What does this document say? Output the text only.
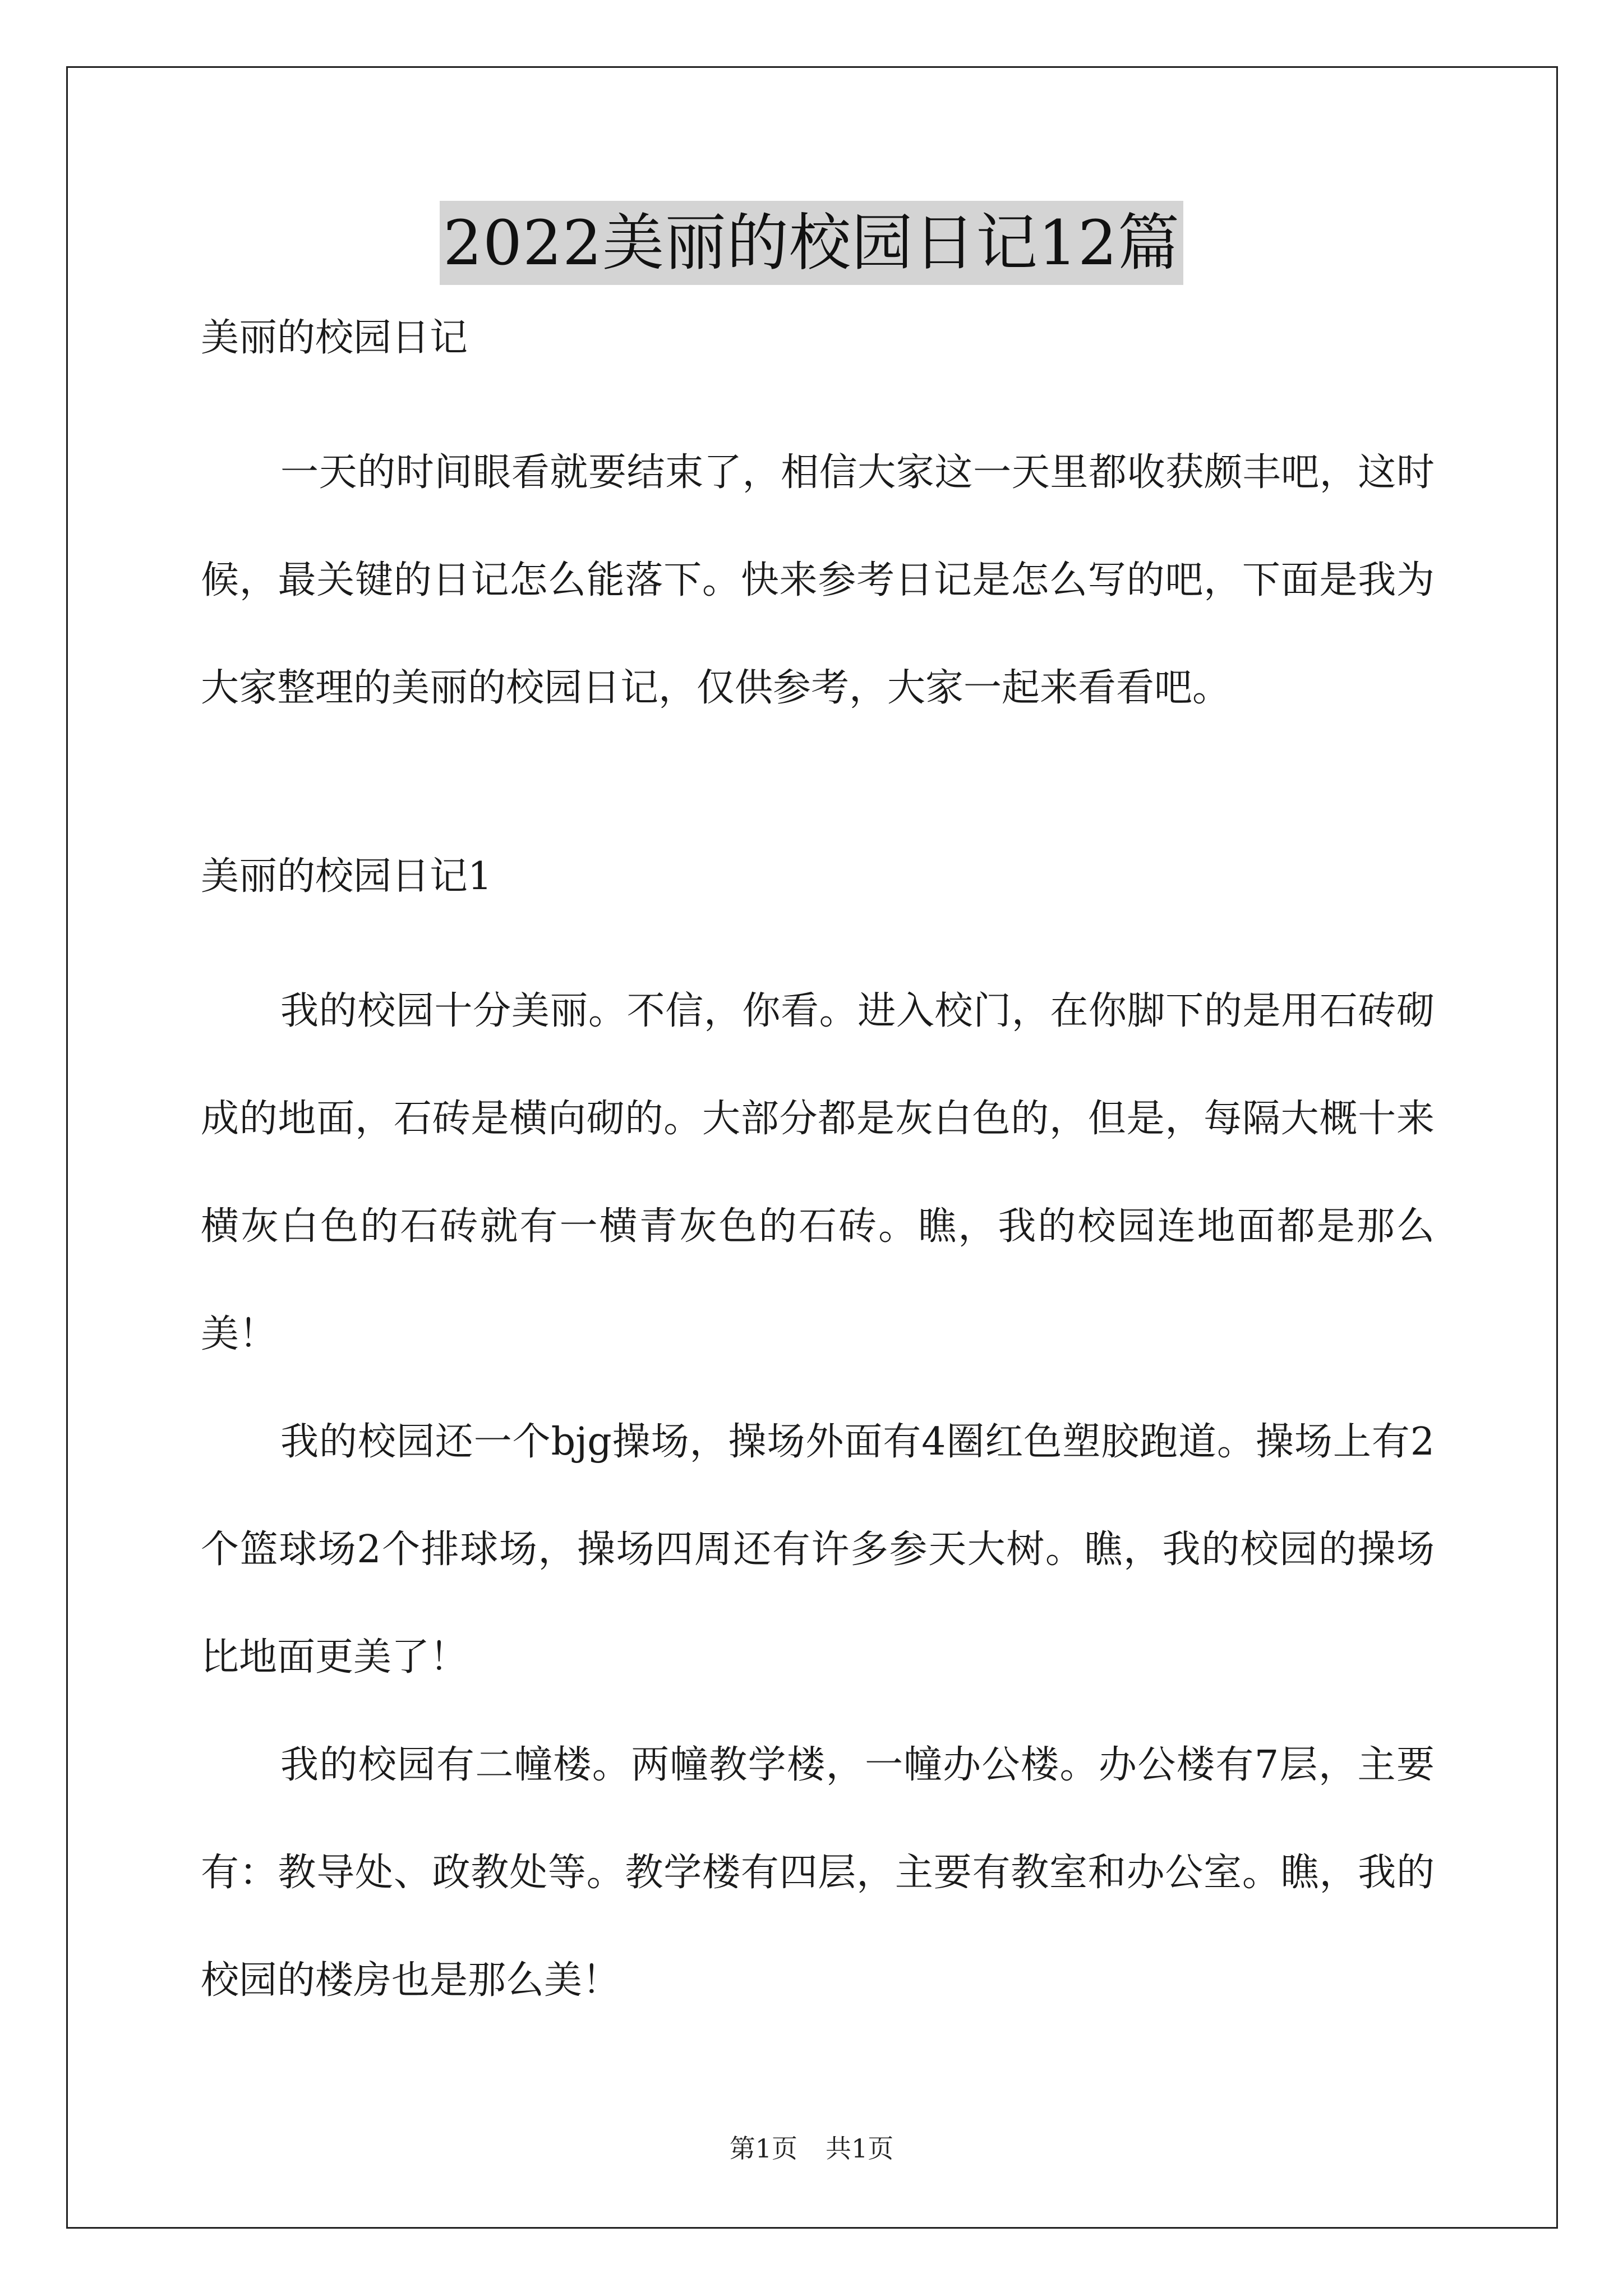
2022美丽的校园日记12篇
美丽的校园日记

一天的时间眼看就要结束了，相信大家这一天里都收获颇丰吧，这时候，最关键的日记怎么能落下。快来参考日记是怎么写的吧，下面是我为大家整理的美丽的校园日记，仅供参考，大家一起来看看吧。

美丽的校园日记1

我的校园十分美丽。不信，你看。进入校门，在你脚下的是用石砖砌成的地面，石砖是横向砌的。大部分都是灰白色的，但是，每隔大概十来横灰白色的石砖就有一横青灰色的石砖。瞧，我的校园连地面都是那么美！

我的校园还一个bjg操场，操场外面有4圈红色塑胶跑道。操场上有2个篮球场2个排球场，操场四周还有许多参天大树。瞧，我的校园的操场比地面更美了！

我的校园有二幢楼。两幢教学楼，一幢办公楼。办公楼有7层，主要有：教导处、政教处等。教学楼有四层，主要有教室和办公室。瞧，我的校园的楼房也是那么美！

第1页 共1页
